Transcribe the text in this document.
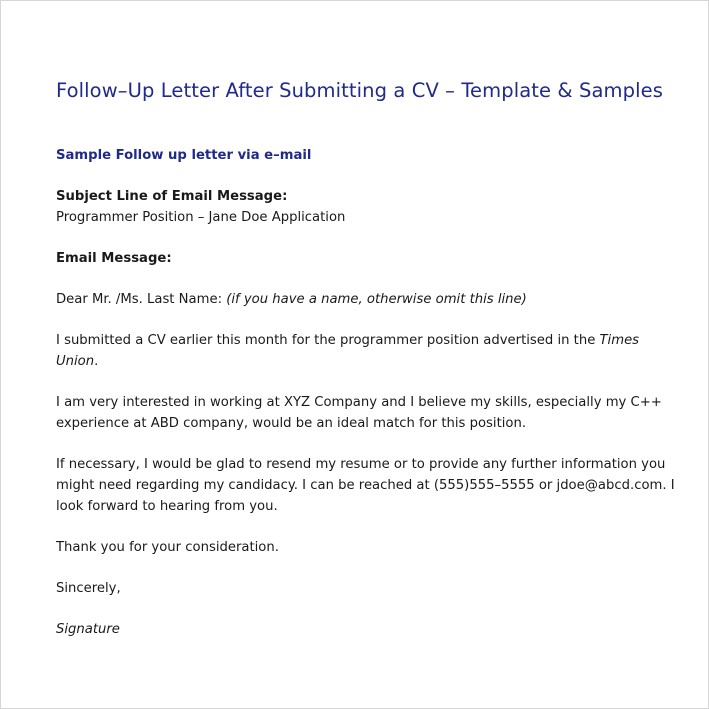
Follow–Up Letter After Submitting a CV – Template & Samples
Sample Follow up letter via e–mail
Subject Line of Email Message:
Programmer Position – Jane Doe Application
Email Message:
Dear Mr. /Ms. Last Name: (if you have a name, otherwise omit this line)
I submitted a CV earlier this month for the programmer position advertised in the Times Union.
I am very interested in working at XYZ Company and I believe my skills, especially my C++ experience at ABD company, would be an ideal match for this position.
If necessary, I would be glad to resend my resume or to provide any further information you might need regarding my candidacy. I can be reached at (555)555–5555 or jdoe@abcd.com. I look forward to hearing from you.
Thank you for your consideration.
Sincerely,
Signature
